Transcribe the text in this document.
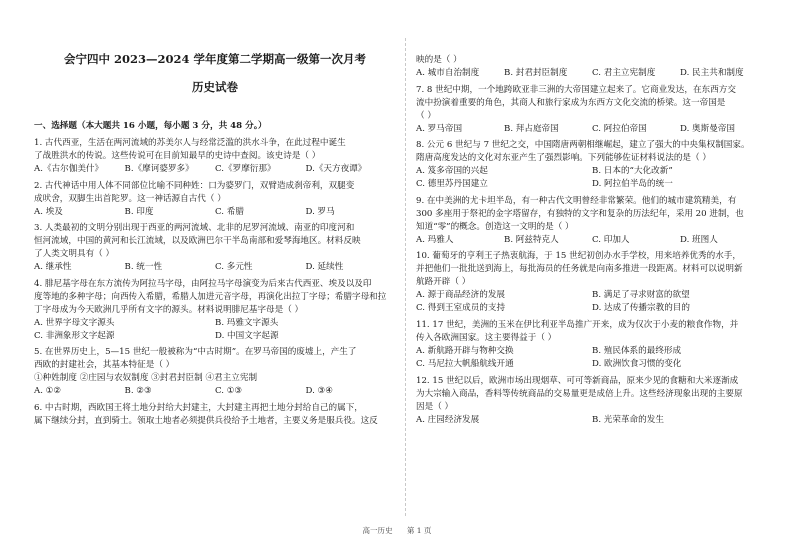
会宁四中 2023—2024 学年度第二学期高一级第一次月考
历史试卷
一、选择题（本大题共 16 小题，每小题 3 分，共 48 分。）

1. 古代西亚，生活在两河流域的苏美尔人与经常泛滥的洪水斗争，在此过程中诞生

了战胜洪水的传说。这些传说可在目前知最早的史诗中查阅。该史诗是（ ）

A.《古尔伽美什》	B.《摩诃婆罗多》	C.《罗摩衍那》	D.《天方夜谭》

2. 古代神话中用人体不同部位比喻不同种姓：口为婆罗门，双臂造成刹帝利，双腿变

成吠舍，双脚生出首陀罗。这一神话源自古代（ ）

A. 埃及	B. 印度	C. 希腊	D. 罗马

3. 人类最初的文明分别出现于西亚的两河流域、北非的尼罗河流域、南亚的印度河和

恒河流域，中国的黄河和长江流域，以及欧洲巴尔干半岛南部和爱琴海地区。材料反映

了人类文明具有（ ）

A. 继承性	B. 统一性	C. 多元性	D. 延续性

4. 腓尼基字母在东方流传为阿拉马字母，由阿拉马字母演变为后来古代西亚、埃及以及印

度等地的多种字母；向西传入希腊，希腊人加进元音字母，再演化出拉丁字母；希腊字母和拉

丁字母成为今天欧洲几乎所有文字的源头。材料说明腓尼基字母是（ ）

A. 世界字母文字源头	B. 玛雅文字源头
C. 非洲象形文字起源	D. 中国文字起源

5. 在世界历史上，5—15 世纪一般被称为“中古时期”。在罗马帝国的废墟上，产生了

西欧的封建社会，其基本特征是（ ）

①种姓制度 ②庄园与农奴制度 ③封君封臣制 ④君主立宪制

A. ①②	B. ②③	C. ①③	D. ③④

6. 中古时期，西欧国王将土地分封给大封建主，大封建主再把土地分封给自己的属下，

属下继续分封，直到骑士。领取土地者必须提供兵役给予土地者，主要义务是服兵役。这反

映的是（ ）

A. 城市自治制度	B. 封君封臣制度	C. 君主立宪制度	D. 民主共和制度

7. 8 世纪中期，一个地跨欧亚非三洲的大帝国建立起来了。它商业发达，在东西方交

流中扮演着重要的角色，其商人和旅行家成为东西方文化交流的桥梁。这一帝国是

（ ）

A. 罗马帝国	B. 拜占庭帝国	C. 阿拉伯帝国	D. 奥斯曼帝国

8. 公元 6 世纪与 7 世纪之交，中国隋唐两朝相继崛起，建立了强大的中央集权制国家。

隋唐高度发达的文化对东亚产生了强烈影响。下列能够佐证材料说法的是（ ）

A. 笈多帝国的兴起	B. 日本的“大化改新”
C. 德里苏丹国建立	D. 阿拉伯半岛的统一

9. 在中美洲的尤卡坦半岛，有一种古代文明曾经非常繁荣。他们的城市建筑精美，有

300 多座用于祭祀的金字塔留存，有独特的文字和复杂的历法纪年，采用 20 进制，也

知道“零”的概念。创造这一文明的是（ ）

A. 玛雅人	B. 阿兹特克人	C. 印加人	D. 班图人

10. 葡萄牙的亨利王子热衷航海，于 15 世纪初创办水手学校，用来培养优秀的水手，

并把他们一批批送到海上，每批海员的任务就是向南多推进一段距离。材料可以说明新

航路开辟（ ）

A. 源于商品经济的发展	B. 满足了寻求财富的欲望
C. 得到王室成员的支持	D. 达成了传播宗教的目的

11. 17 世纪，美洲的玉米在伊比利亚半岛推广开来，成为仅次于小麦的粮食作物，并

传入各欧洲国家。这主要得益于（ ）

A. 新航路开辟与物种交换	B. 殖民体系的最终形成
C. 马尼拉大帆船航线开通	D. 欧洲饮食习惯的变化

12. 15 世纪以后，欧洲市场出现烟草、可可等新商品，原来少见的食糖和大米逐渐成

为大宗输入商品，香料等传统商品的交易量更是成倍上升。这些经济现象出现的主要原

因是（ ）

A. 庄园经济发展	B. 光荣革命的发生
高一历史 第 1 页
